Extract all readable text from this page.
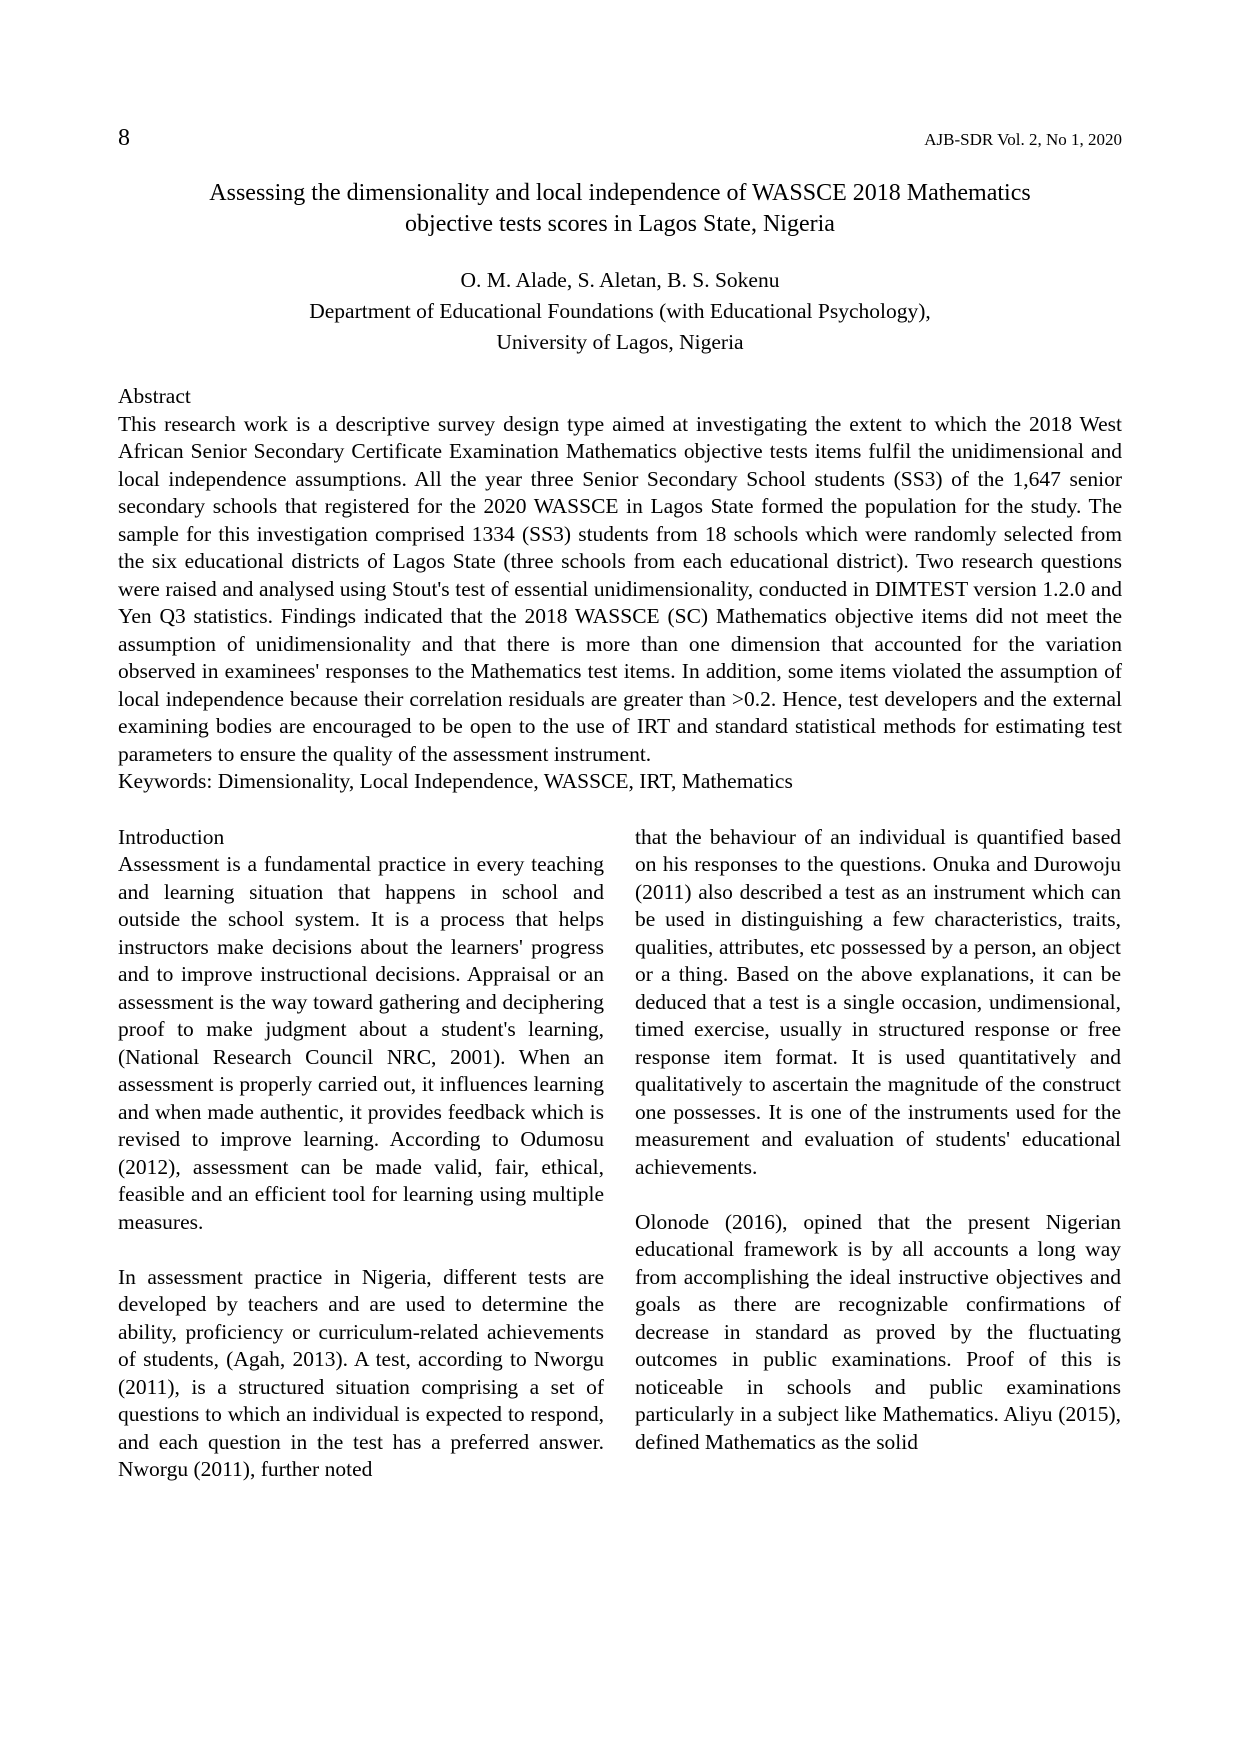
8	AJB-SDR Vol. 2, No 1, 2020
Assessing the dimensionality and local independence of WASSCE 2018 Mathematics
objective tests scores in Lagos State, Nigeria
O. M. Alade, S. Aletan, B. S. Sokenu
Department of Educational Foundations (with Educational Psychology),
University of Lagos, Nigeria
Abstract

This research work is a descriptive survey design type aimed at investigating the extent to which the 2018 West African Senior Secondary Certificate Examination Mathematics objective tests items fulfil the unidimensional and local independence assumptions. All the year three Senior Secondary School students (SS3) of the 1,647 senior secondary schools that registered for the 2020 WASSCE in Lagos State formed the population for the study. The sample for this investigation comprised 1334 (SS3) students from 18 schools which were randomly selected from the six educational districts of Lagos State (three schools from each educational district). Two research questions were raised and analysed using Stout's test of essential unidimensionality, conducted in DIMTEST version 1.2.0 and Yen Q3 statistics. Findings indicated that the 2018 WASSCE (SC) Mathematics objective items did not meet the assumption of unidimensionality and that there is more than one dimension that accounted for the variation observed in examinees' responses to the Mathematics test items. In addition, some items violated the assumption of local independence because their correlation residuals are greater than >0.2. Hence, test developers and the external examining bodies are encouraged to be open to the use of IRT and standard statistical methods for estimating test parameters to ensure the quality of the assessment instrument.

Keywords: Dimensionality, Local Independence, WASSCE, IRT, Mathematics
Introduction

Assessment is a fundamental practice in every teaching and learning situation that happens in school and outside the school system. It is a process that helps instructors make decisions about the learners' progress and to improve instructional decisions. Appraisal or an assessment is the way toward gathering and deciphering proof to make judgment about a student's learning, (National Research Council NRC, 2001). When an assessment is properly carried out, it influences learning and when made authentic, it provides feedback which is revised to improve learning. According to Odumosu (2012), assessment can be made valid, fair, ethical, feasible and an efficient tool for learning using multiple measures.

In assessment practice in Nigeria, different tests are developed by teachers and are used to determine the ability, proficiency or curriculum-related achievements of students, (Agah, 2013). A test, according to Nworgu (2011), is a structured situation comprising a set of questions to which an individual is expected to respond, and each question in the test has a preferred answer. Nworgu (2011), further noted

that the behaviour of an individual is quantified based on his responses to the questions. Onuka and Durowoju (2011) also described a test as an instrument which can be used in distinguishing a few characteristics, traits, qualities, attributes, etc possessed by a person, an object or a thing. Based on the above explanations, it can be deduced that a test is a single occasion, undimensional, timed exercise, usually in structured response or free response item format. It is used quantitatively and qualitatively to ascertain the magnitude of the construct one possesses. It is one of the instruments used for the measurement and evaluation of students' educational achievements.

Olonode (2016), opined that the present Nigerian educational framework is by all accounts a long way from accomplishing the ideal instructive objectives and goals as there are recognizable confirmations of decrease in standard as proved by the fluctuating outcomes in public examinations. Proof of this is noticeable in schools and public examinations particularly in a subject like Mathematics. Aliyu (2015), defined Mathematics as the solid
